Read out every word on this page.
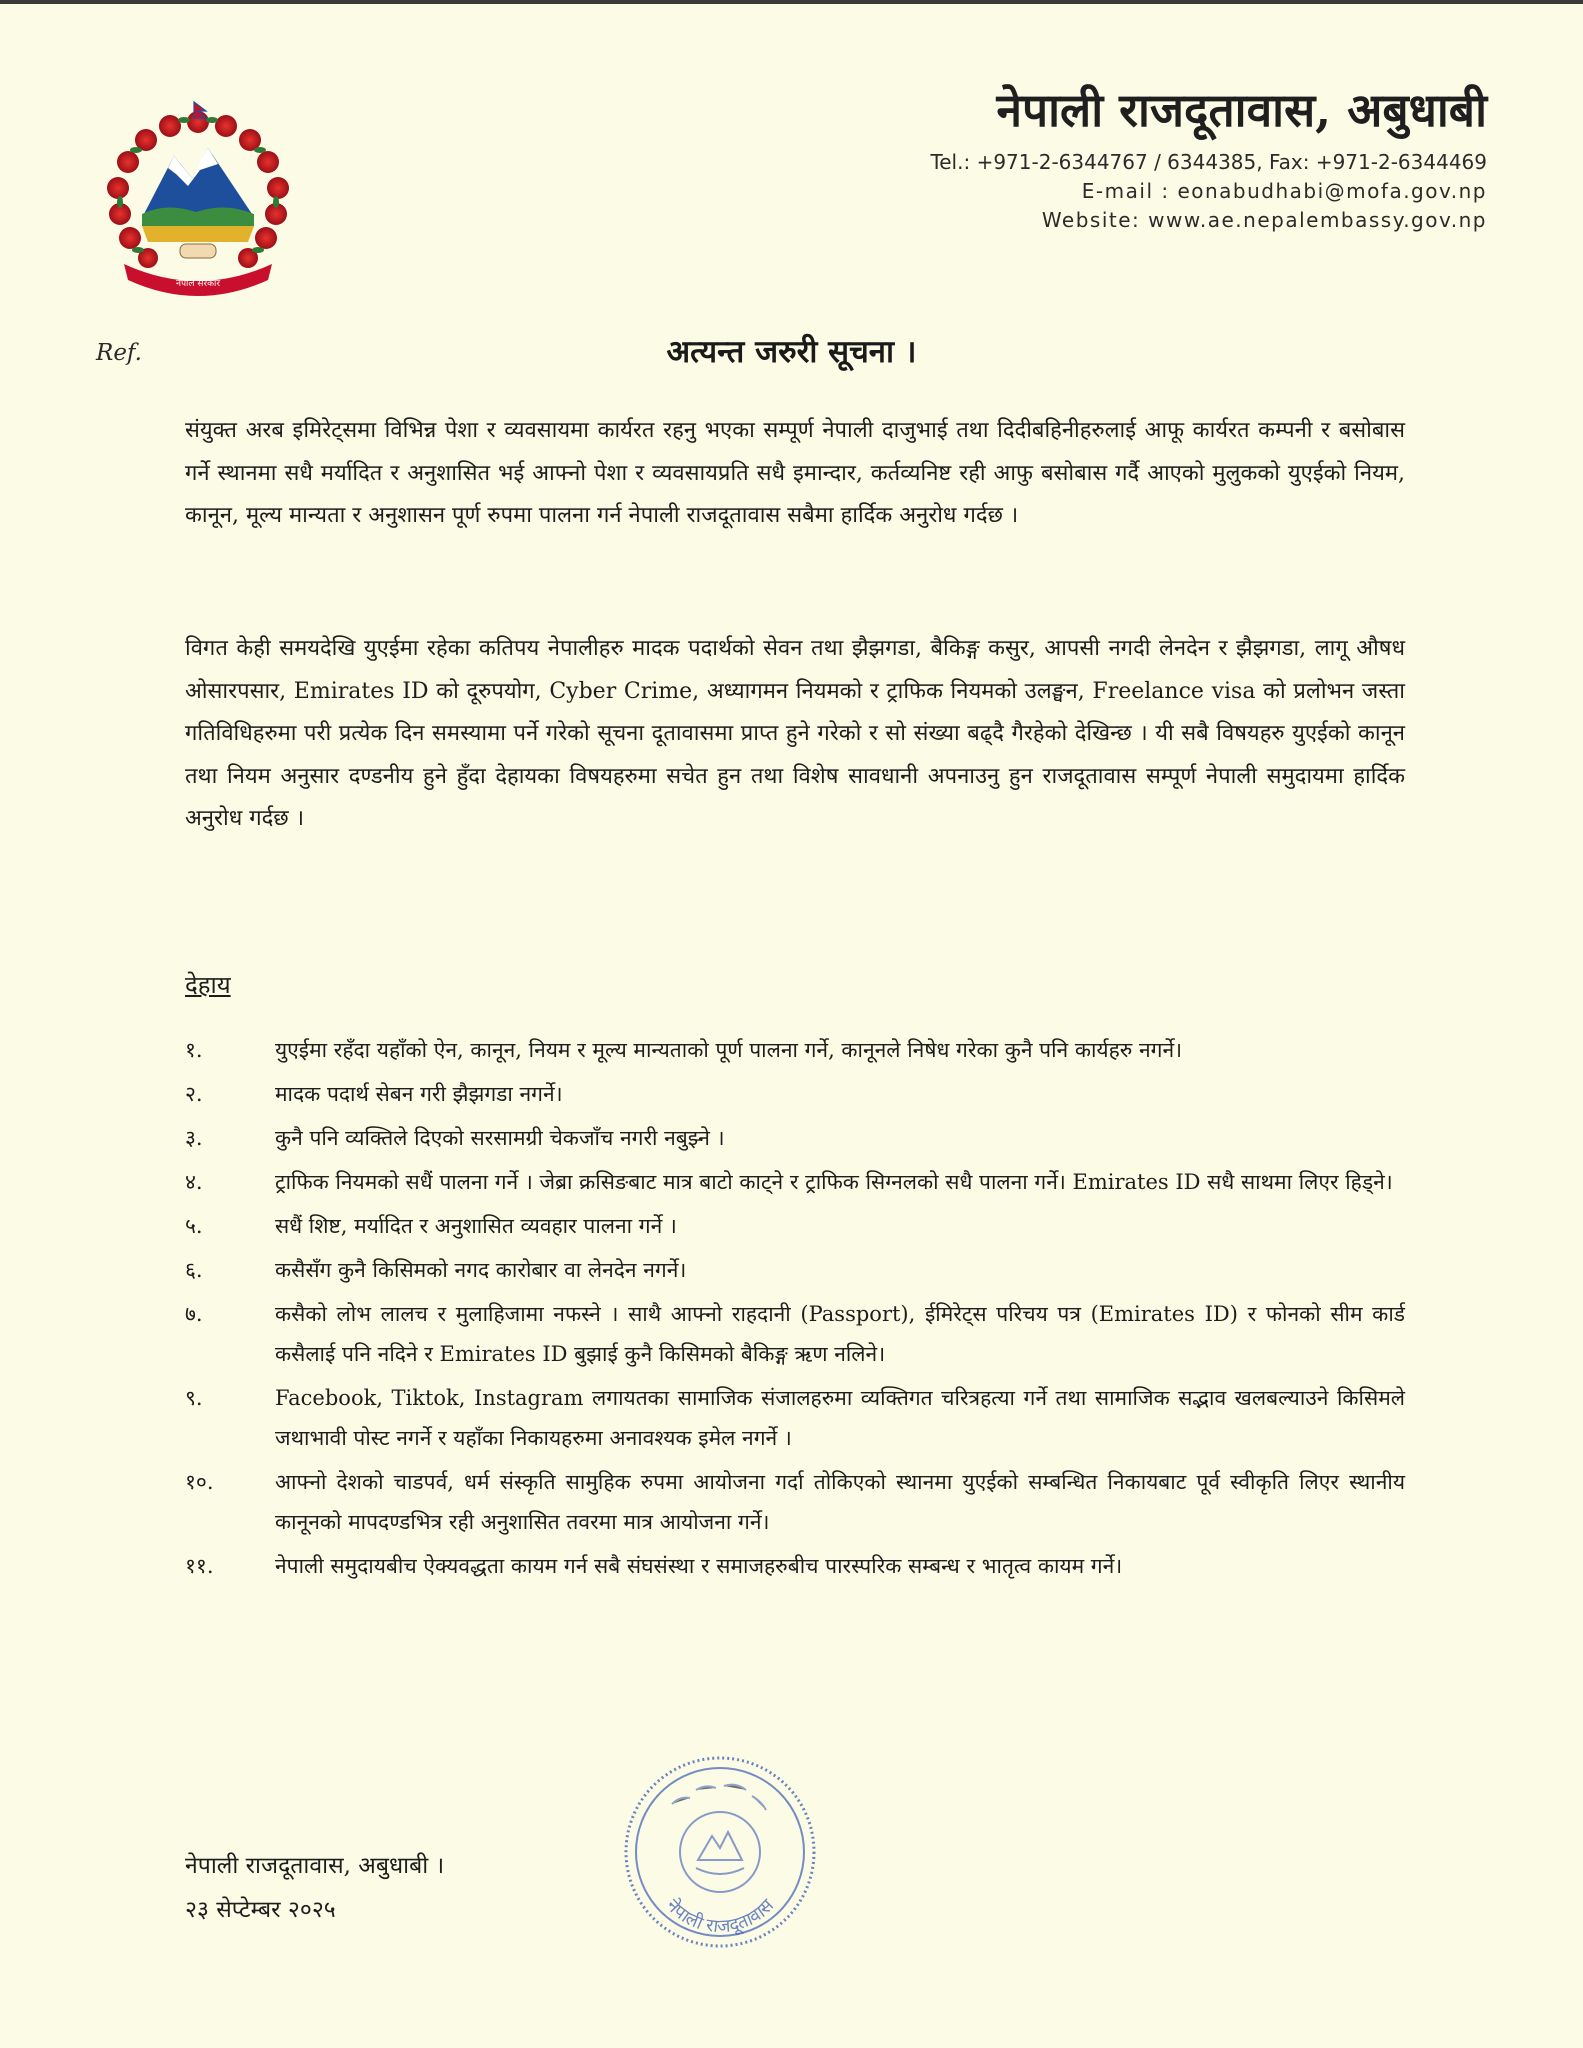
नेपाल सरकार
नेपाली राजदूतावास, अबुधाबी
Tel.: +971-2-6344767 / 6344385, Fax: +971-2-6344469
E-mail : eonabudhabi@mofa.gov.np
Website: www.ae.nepalembassy.gov.np
Ref.	अत्यन्त जरुरी सूचना ।
संयुक्त अरब इमिरेट्समा विभिन्न पेशा र व्यवसायमा कार्यरत रहनु भएका सम्पूर्ण नेपाली दाजुभाई तथा दिदीबहिनीहरुलाई आफू कार्यरत कम्पनी र बसोबास गर्ने स्थानमा सधै मर्यादित र अनुशासित भई आफ्नो पेशा र व्यवसायप्रति सधै इमान्दार, कर्तव्यनिष्ट रही आफु बसोबास गर्दै आएको मुलुकको युएईको नियम, कानून, मूल्य मान्यता र अनुशासन पूर्ण रुपमा पालना गर्न नेपाली राजदूतावास सबैमा हार्दिक अनुरोध गर्दछ ।
विगत केही समयदेखि युएईमा रहेका कतिपय नेपालीहरु मादक पदार्थको सेवन तथा झैझगडा, बैकिङ्ग कसुर, आपसी नगदी लेनदेन र झैझगडा, लागू औषध ओसारपसार, Emirates ID को दूरुपयोग, Cyber Crime, अध्यागमन नियमको र ट्राफिक नियमको उलङ्घन, Freelance visa को प्रलोभन जस्ता गतिविधिहरुमा परी प्रत्येक दिन समस्यामा पर्ने गरेको सूचना दूतावासमा प्राप्त हुने गरेको र सो संख्या बढ्दै गैरहेको देखिन्छ । यी सबै विषयहरु युएईको कानून तथा नियम अनुसार दण्डनीय हुने हुँदा देहायका विषयहरुमा सचेत हुन तथा विशेष सावधानी अपनाउनु हुन राजदूतावास सम्पूर्ण नेपाली समुदायमा हार्दिक अनुरोध गर्दछ ।
देहाय
१.	युएईमा रहँदा यहाँको ऐन, कानून, नियम र मूल्य मान्यताको पूर्ण पालना गर्ने, कानूनले निषेध गरेका कुनै पनि कार्यहरु नगर्ने।
२.	मादक पदार्थ सेबन गरी झैझगडा नगर्ने।
३.	कुनै पनि व्यक्तिले दिएको सरसामग्री चेकजाँच नगरी नबुझ्ने ।
४.	ट्राफिक नियमको सधैं पालना गर्ने । जेब्रा क्रसिङबाट मात्र बाटो काट्ने र ट्राफिक सिग्नलको सधै पालना गर्ने। Emirates ID सधै साथमा लिएर हिड्ने।
५.	सधैं शिष्ट, मर्यादित र अनुशासित व्यवहार पालना गर्ने ।
६.	कसैसँग कुनै किसिमको नगद कारोबार वा लेनदेन नगर्ने।
७.	कसैको लोभ लालच र मुलाहिजामा नफस्ने । साथै आफ्नो राहदानी (Passport), ईमिरेट्स परिचय पत्र (Emirates ID) र फोनको सीम कार्ड कसैलाई पनि नदिने र Emirates ID बुझाई कुनै किसिमको बैकिङ्ग ऋण नलिने।
९.	Facebook, Tiktok, Instagram लगायतका सामाजिक संजालहरुमा व्यक्तिगत चरित्रहत्या गर्ने तथा सामाजिक सद्भाव खलबल्याउने किसिमले जथाभावी पोस्ट नगर्ने र यहाँका निकायहरुमा अनावश्यक इमेल नगर्ने ।
१०.	आफ्नो देशको चाडपर्व, धर्म संस्कृति सामुहिक रुपमा आयोजना गर्दा तोकिएको स्थानमा युएईको सम्बन्धित निकायबाट पूर्व स्वीकृति लिएर स्थानीय कानूनको मापदण्डभित्र रही अनुशासित तवरमा मात्र आयोजना गर्ने।
११.	नेपाली समुदायबीच ऐक्यवद्धता कायम गर्न सबै संघसंस्था र समाजहरुबीच पारस्परिक सम्बन्ध र भातृत्व कायम गर्ने।
नेपाली राजदूतावास
नेपाली राजदूतावास, अबुधाबी ।
२३ सेप्टेम्बर २०२५
